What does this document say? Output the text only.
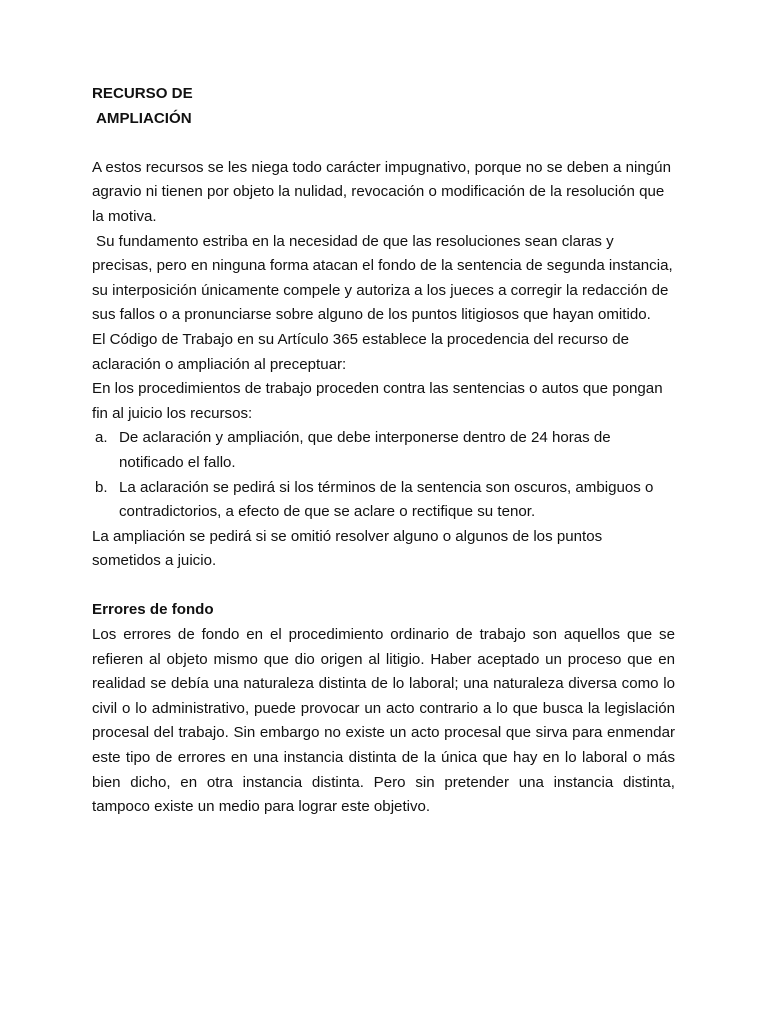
RECURSO DE
AMPLIACIÓN

A estos recursos se les niega todo carácter impugnativo, porque no se deben a ningún agravio ni tienen por objeto la nulidad, revocación o modificación de la resolución que la motiva.

Su fundamento estriba en la necesidad de que las resoluciones sean claras y precisas, pero en ninguna forma atacan el fondo de la sentencia de segunda instancia, su interposición únicamente compele y autoriza a los jueces a corregir la redacción de sus fallos o a pronunciarse sobre alguno de los puntos litigiosos que hayan omitido.

El Código de Trabajo en su Artículo 365 establece la procedencia del recurso de aclaración o ampliación al preceptuar:

En los procedimientos de trabajo proceden contra las sentencias o autos que pongan fin al juicio los recursos:

a. De aclaración y ampliación, que debe interponerse dentro de 24 horas de notificado el fallo.
b. La aclaración se pedirá si los términos de la sentencia son oscuros, ambiguos o contradictorios, a efecto de que se aclare o rectifique su tenor.

La ampliación se pedirá si se omitió resolver alguno o algunos de los puntos sometidos a juicio.

Errores de fondo

Los errores de fondo en el procedimiento ordinario de trabajo son aquellos que se refieren al objeto mismo que dio origen al litigio. Haber aceptado un proceso que en realidad se debía una naturaleza distinta de lo laboral; una naturaleza diversa como lo civil o lo administrativo, puede provocar un acto contrario a lo que busca la legislación procesal del trabajo. Sin embargo no existe un acto procesal que sirva para enmendar este tipo de errores en una instancia distinta de la única que hay en lo laboral o más bien dicho, en otra instancia distinta. Pero sin pretender una instancia distinta, tampoco existe un medio para lograr este objetivo.
